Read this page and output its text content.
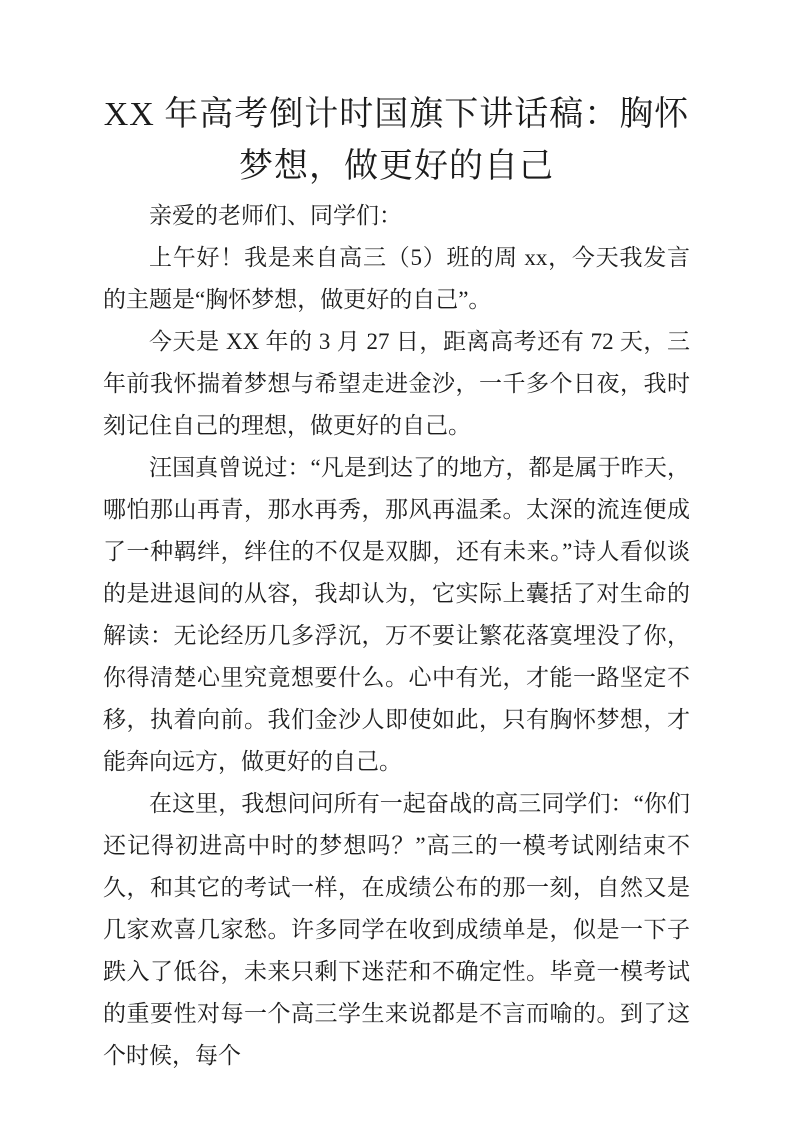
XX 年高考倒计时国旗下讲话稿：胸怀梦想，做更好的自己

亲爱的老师们、同学们：

上午好！我是来自高三（5）班的周 xx，今天我发言的主题是“胸怀梦想，做更好的自己”。

今天是 XX 年的 3 月 27 日，距离高考还有 72 天，三年前我怀揣着梦想与希望走进金沙，一千多个日夜，我时刻记住自己的理想，做更好的自己。

汪国真曾说过：“凡是到达了的地方，都是属于昨天，哪怕那山再青，那水再秀，那风再温柔。太深的流连便成了一种羁绊，绊住的不仅是双脚，还有未来。”诗人看似谈的是进退间的从容，我却认为，它实际上囊括了对生命的解读：无论经历几多浮沉，万不要让繁花落寞埋没了你，你得清楚心里究竟想要什么。心中有光，才能一路坚定不移，执着向前。我们金沙人即使如此，只有胸怀梦想，才能奔向远方，做更好的自己。

在这里，我想问问所有一起奋战的高三同学们：“你们还记得初进高中时的梦想吗？”高三的一模考试刚结束不久，和其它的考试一样，在成绩公布的那一刻，自然又是几家欢喜几家愁。许多同学在收到成绩单是，似是一下子跌入了低谷，未来只剩下迷茫和不确定性。毕竟一模考试的重要性对每一个高三学生来说都是不言而喻的。到了这个时候，每个
